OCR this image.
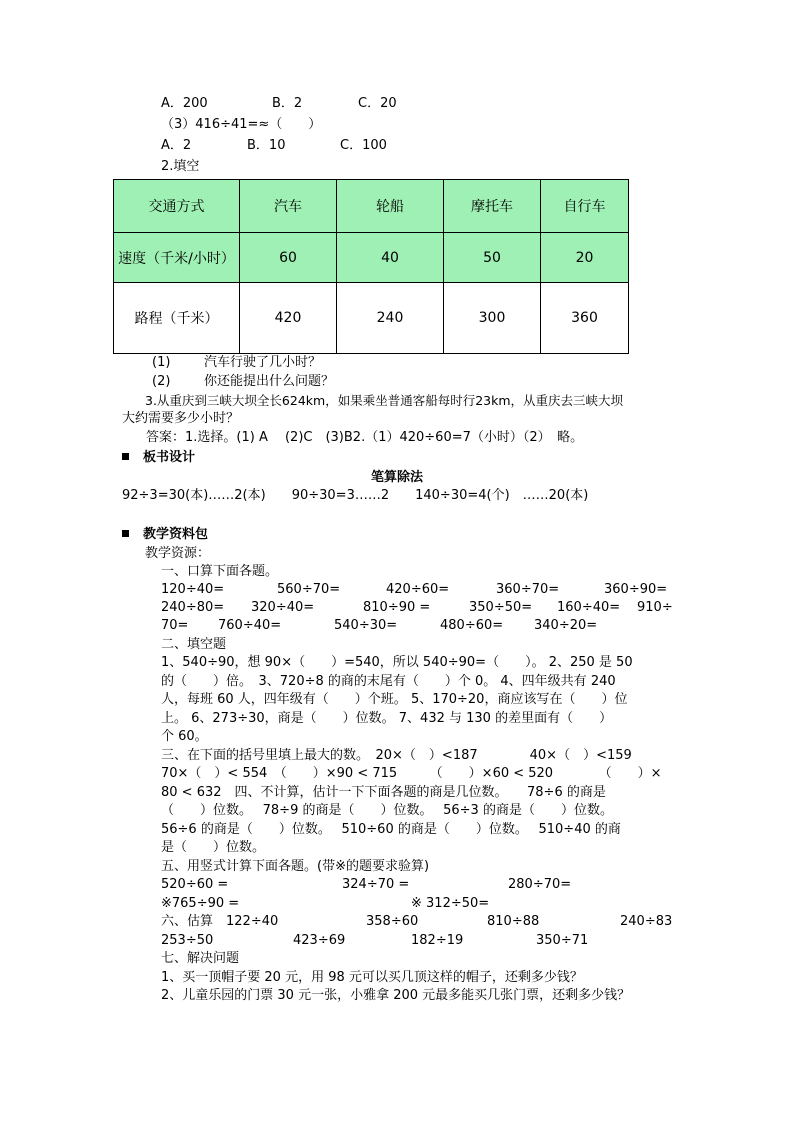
A．200	B．2	C．20
（3）416÷41=≈（　　）
A．2	B．10	C．100
2.填空
交通方式	汽车	轮船	摩托车	自行车
速度（千米/小时）	60	40	50	20
路程（千米）	420	240	300	360
(1)	汽车行驶了几小时？
(2)	你还能提出什么问题？
3.从重庆到三峡大坝全长624km，如果乘坐普通客船每时行23km，从重庆去三峡大坝
大约需要多少小时？
答案：1.选择。(1) A　 (2)C　(3)B2.（1）420÷60=7（小时）（2）　略。
板书设计
笔算除法
92÷3=30(本)……2(本)　　90÷30=3……2　　140÷30=4(个)　……20(本)
教学资料包
教学资源：
一、口算下面各题。
120÷40=	560÷70=	420÷60=	360÷70=	360÷90=
240÷80= 320÷40=	810÷90 =	350÷50= 160÷40= 910÷
70= 760÷40=	540÷30=	480÷60= 340÷20=
二、填空题
1、540÷90，想 90×（　　）=540，所以 540÷90=（　　）。 2、250 是 50
的（　　）倍。　3、720÷8 的商的末尾有（　　）个 0。 4、四年级共有 240
人，每班 60 人，四年级有（　　）个班。 5、170÷20，商应该写在（　　）位
上。 6、273÷30，商是（　　）位数。 7、432 与 130 的差里面有（　　）
个 60。
三、在下面的括号里填上最大的数。　20×（　）<187　　　　40×（　）<159
70×（　）< 554　（　　）×90 < 715　　　（　　）×60 < 520　　　　（　　）×
80 < 632　四、不计算，估计一下下面各题的商是几位数。　　78÷6 的商是
（　　）位数。　 78÷9 的商是（　　）位数。　 56÷3 的商是（　　）位数。
56÷6 的商是（　　）位数。　 510÷60 的商是（　　）位数。　 510÷40 的商
是（　　）位数。
五、用竖式计算下面各题。(带※的题要求验算)
520÷60 =	324÷70 =	280÷70=
※765÷90 =	※ 312÷50=
六、估算　122÷40	358÷60	810÷88	240÷83
253÷50	423÷69	182÷19	350÷71
七、解决问题
1、买一顶帽子要 20 元，用 98 元可以买几顶这样的帽子，还剩多少钱？
2、儿童乐园的门票 30 元一张，小雅拿 200 元最多能买几张门票，还剩多少钱？
